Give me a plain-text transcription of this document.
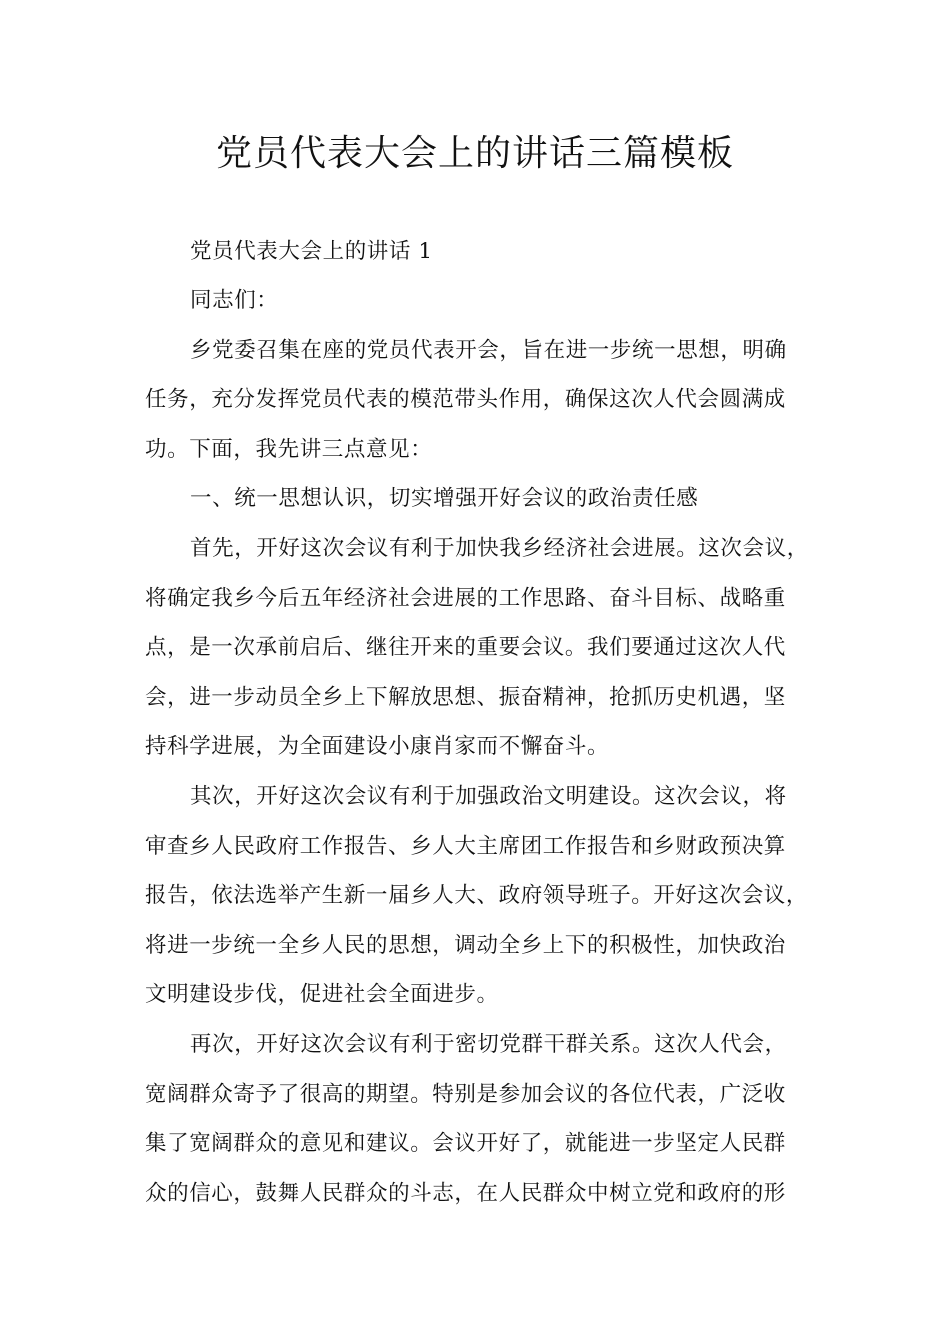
党员代表大会上的讲话三篇模板

党员代表大会上的讲话 1

同志们：

乡党委召集在座的党员代表开会，旨在进一步统一思想，明确

任务，充分发挥党员代表的模范带头作用，确保这次人代会圆满成

功。下面，我先讲三点意见：

一、统一思想认识，切实增强开好会议的政治责任感

首先，开好这次会议有利于加快我乡经济社会进展。这次会议，

将确定我乡今后五年经济社会进展的工作思路、奋斗目标、战略重

点，是一次承前启后、继往开来的重要会议。我们要通过这次人代

会，进一步动员全乡上下解放思想、振奋精神，抢抓历史机遇，坚

持科学进展，为全面建设小康肖家而不懈奋斗。

其次，开好这次会议有利于加强政治文明建设。这次会议，将

审查乡人民政府工作报告、乡人大主席团工作报告和乡财政预决算

报告，依法选举产生新一届乡人大、政府领导班子。开好这次会议，

将进一步统一全乡人民的思想，调动全乡上下的积极性，加快政治

文明建设步伐，促进社会全面进步。

再次，开好这次会议有利于密切党群干群关系。这次人代会，

宽阔群众寄予了很高的期望。特别是参加会议的各位代表，广泛收

集了宽阔群众的意见和建议。会议开好了，就能进一步坚定人民群

众的信心，鼓舞人民群众的斗志，在人民群众中树立党和政府的形
